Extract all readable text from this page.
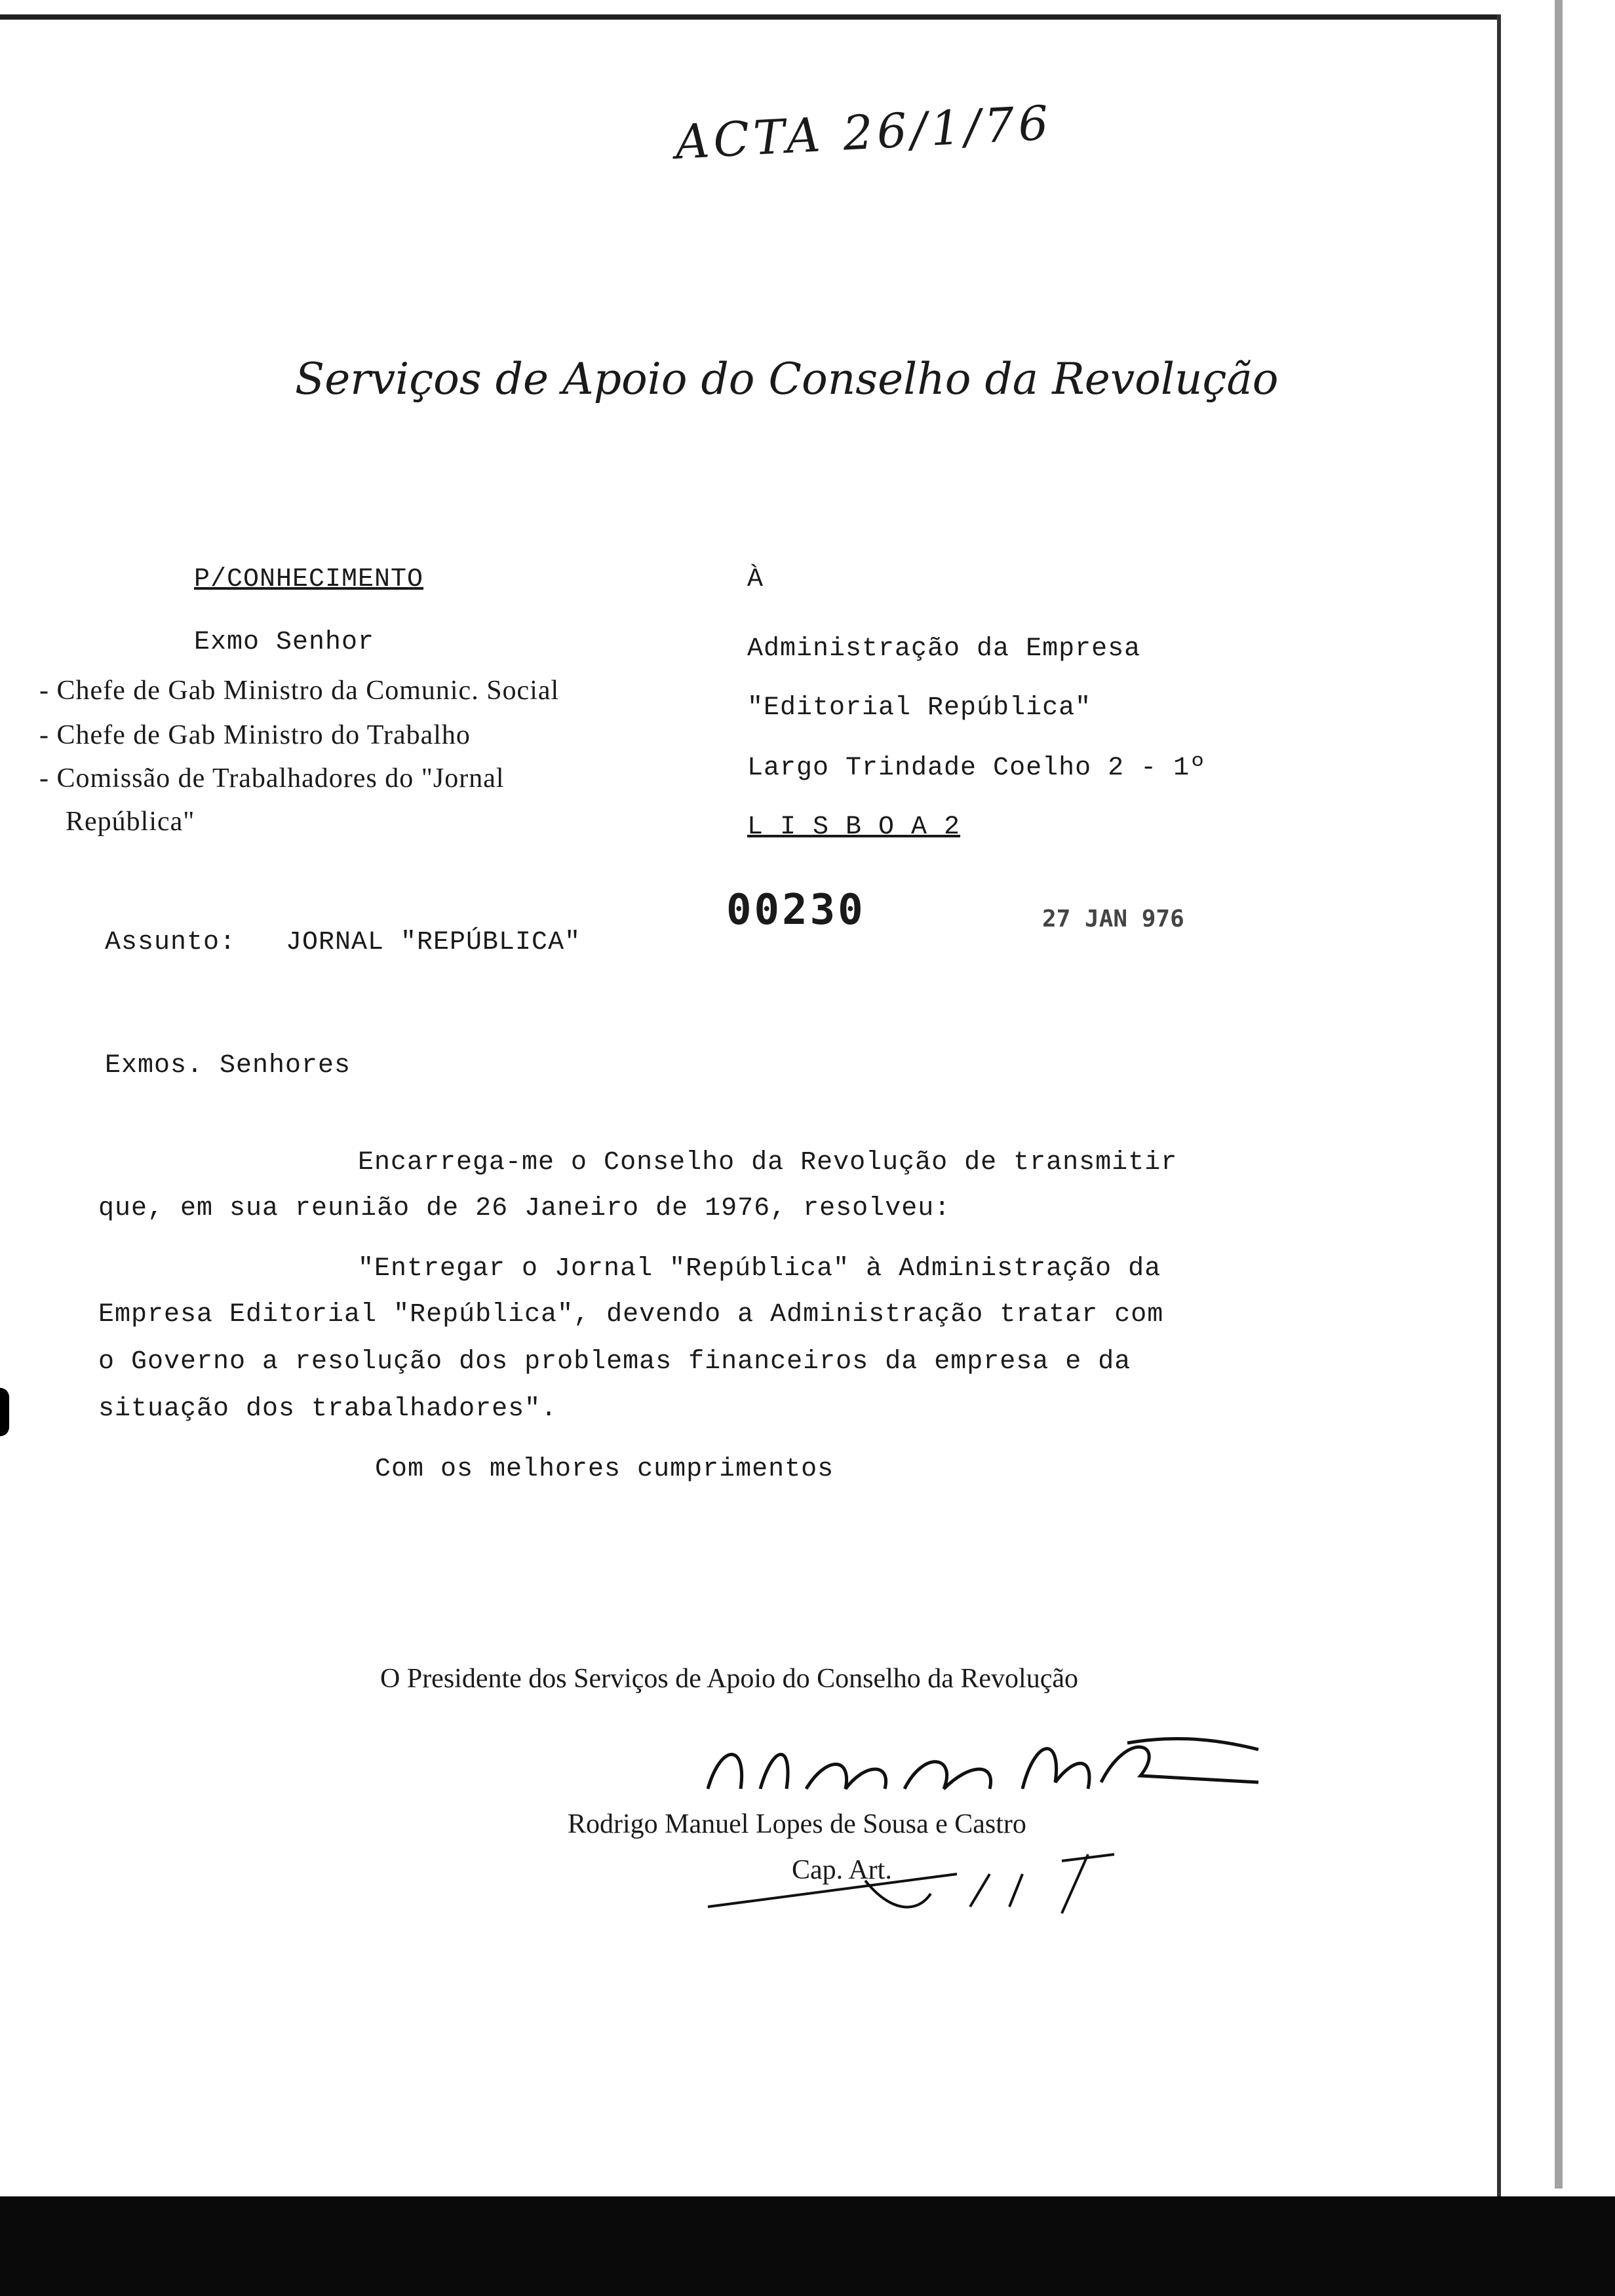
ACTA 26/1/76
Serviços de Apoio do Conselho da Revolução
P/CONHECIMENTO
Exmo Senhor
- Chefe de Gab Ministro da Comunic. Social
- Chefe de Gab Ministro do Trabalho
- Comissão de Trabalhadores do "Jornal
República"
À
Administração da Empresa
"Editorial República"
Largo Trindade Coelho 2 - 1º
L I S B O A 2
00230	27 JAN 976
Assunto: JORNAL "REPÚBLICA"
Exmos. Senhores
Encarrega-me o Conselho da Revolução de transmitir
que, em sua reunião de 26 Janeiro de 1976, resolveu:
"Entregar o Jornal "República" à Administração da
Empresa Editorial "República", devendo a Administração tratar com
o Governo a resolução dos problemas financeiros da empresa e da
situação dos trabalhadores".
Com os melhores cumprimentos
O Presidente dos Serviços de Apoio do Conselho da Revolução
Rodrigo Manuel Lopes de Sousa e Castro
Cap. Art.
